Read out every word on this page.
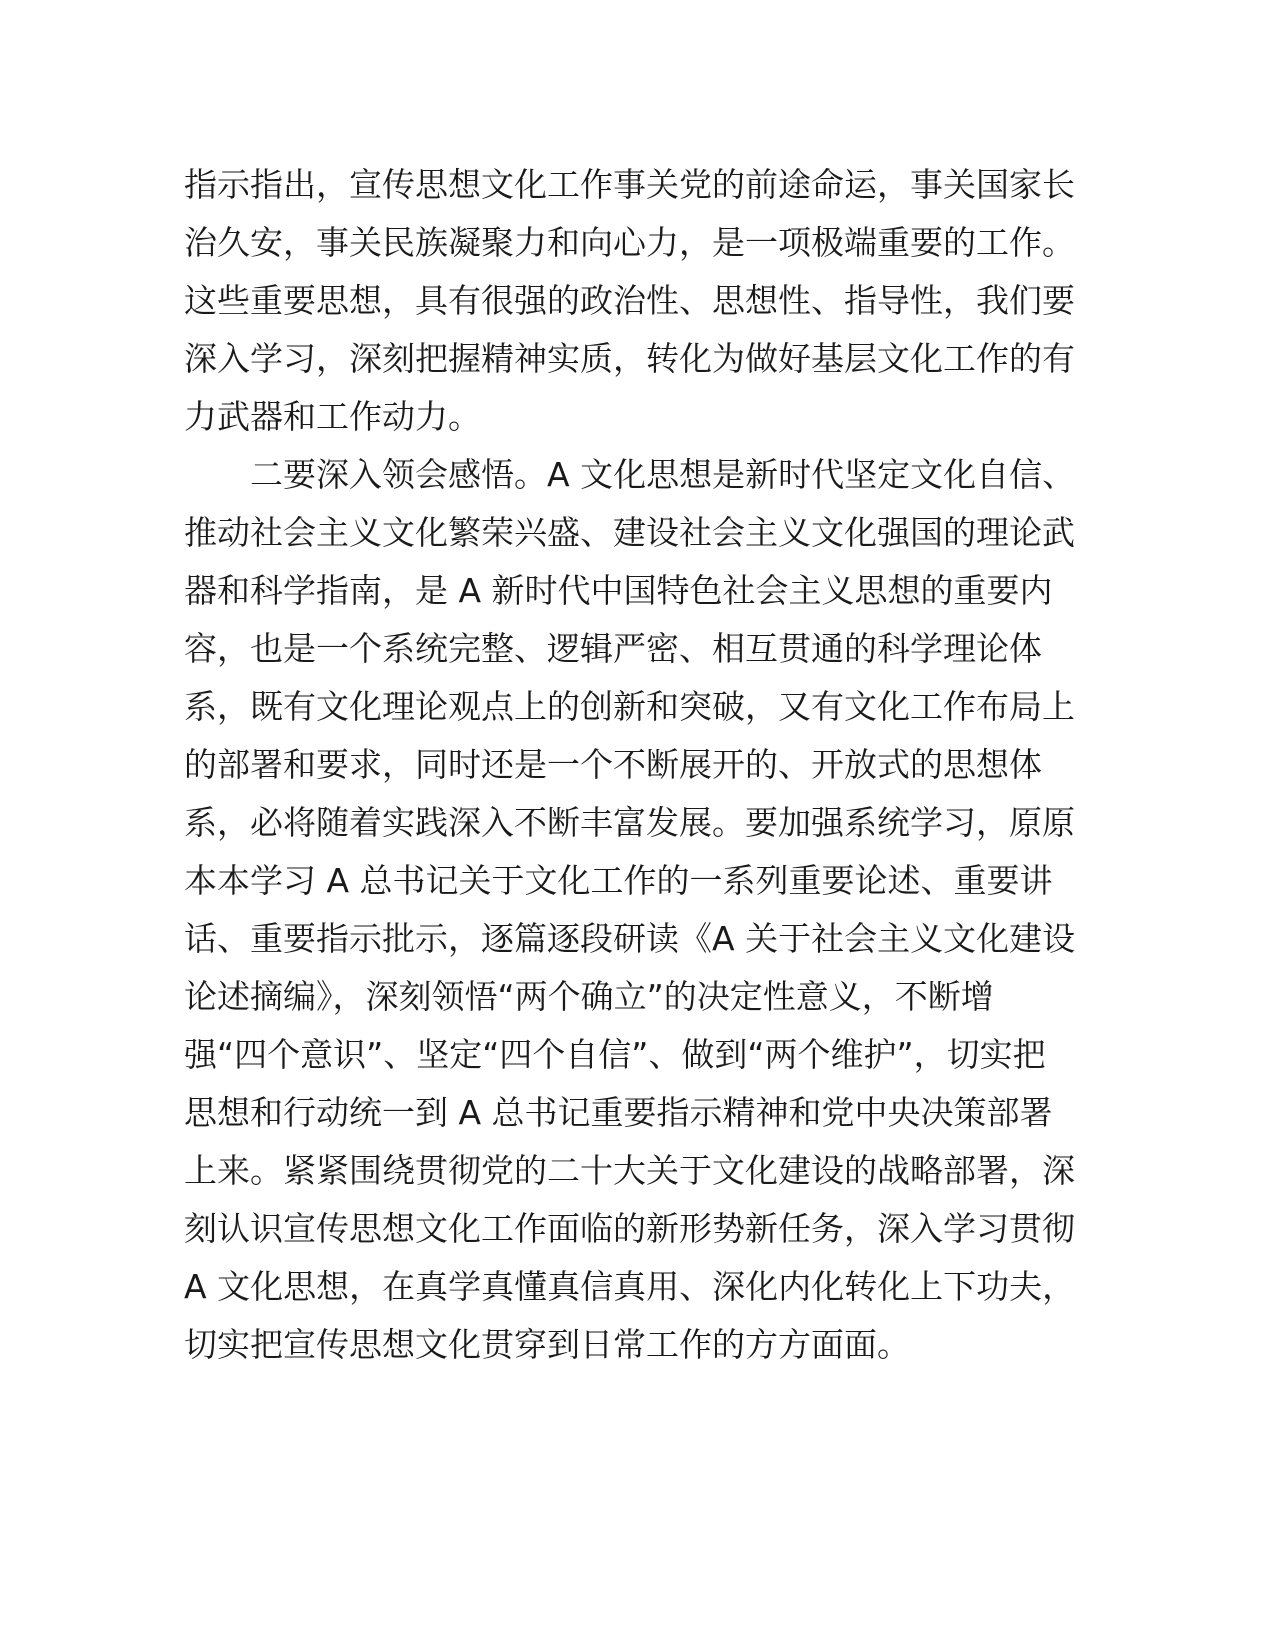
指示指出，宣传思想文化工作事关党的前途命运，事关国家长
治久安，事关民族凝聚力和向心力，是一项极端重要的工作。
这些重要思想，具有很强的政治性、思想性、指导性，我们要
深入学习，深刻把握精神实质，转化为做好基层文化工作的有
力武器和工作动力。

二要深入领会感悟。A 文化思想是新时代坚定文化自信、
推动社会主义文化繁荣兴盛、建设社会主义文化强国的理论武
器和科学指南，是 A 新时代中国特色社会主义思想的重要内
容，也是一个系统完整、逻辑严密、相互贯通的科学理论体
系，既有文化理论观点上的创新和突破，又有文化工作布局上
的部署和要求，同时还是一个不断展开的、开放式的思想体
系，必将随着实践深入不断丰富发展。要加强系统学习，原原
本本学习 A 总书记关于文化工作的一系列重要论述、重要讲
话、重要指示批示，逐篇逐段研读《A 关于社会主义文化建设
论述摘编》，深刻领悟“两个确立”的决定性意义，不断增
强“四个意识”、坚定“四个自信”、做到“两个维护”，切实把
思想和行动统一到 A 总书记重要指示精神和党中央决策部署
上来。紧紧围绕贯彻党的二十大关于文化建设的战略部署，深
刻认识宣传思想文化工作面临的新形势新任务，深入学习贯彻
A 文化思想，在真学真懂真信真用、深化内化转化上下功夫，
切实把宣传思想文化贯穿到日常工作的方方面面。
